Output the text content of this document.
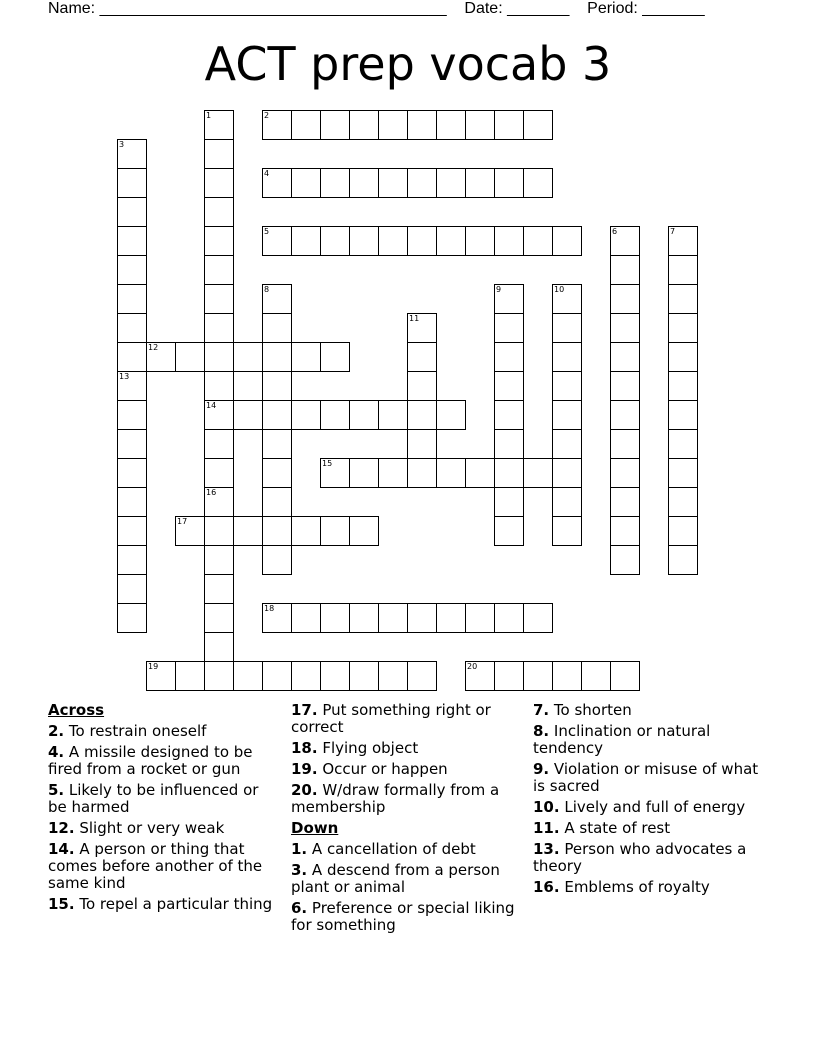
Name: _______________________________________ Date: _______ Period: _______
ACT prep vocab 3
1
14
2
3
4
5	6	7
8	9	10
11
12
13
15
16
17
18
19	20
Across
2. To restrain oneself
4. A missile designed to be fired from a rocket or gun
5. Likely to be influenced or be harmed
12. Slight or very weak
14. A person or thing that comes before another of the same kind
15. To repel a particular thing
17. Put something right or correct
18. Flying object
19. Occur or happen
20. W/draw formally from a membership
Down
1. A cancellation of debt
3. A descend from a person plant or animal
6. Preference or special liking for something
7. To shorten
8. Inclination or natural tendency
9. Violation or misuse of what is sacred
10. Lively and full of energy
11. A state of rest
13. Person who advocates a theory
16. Emblems of royalty
